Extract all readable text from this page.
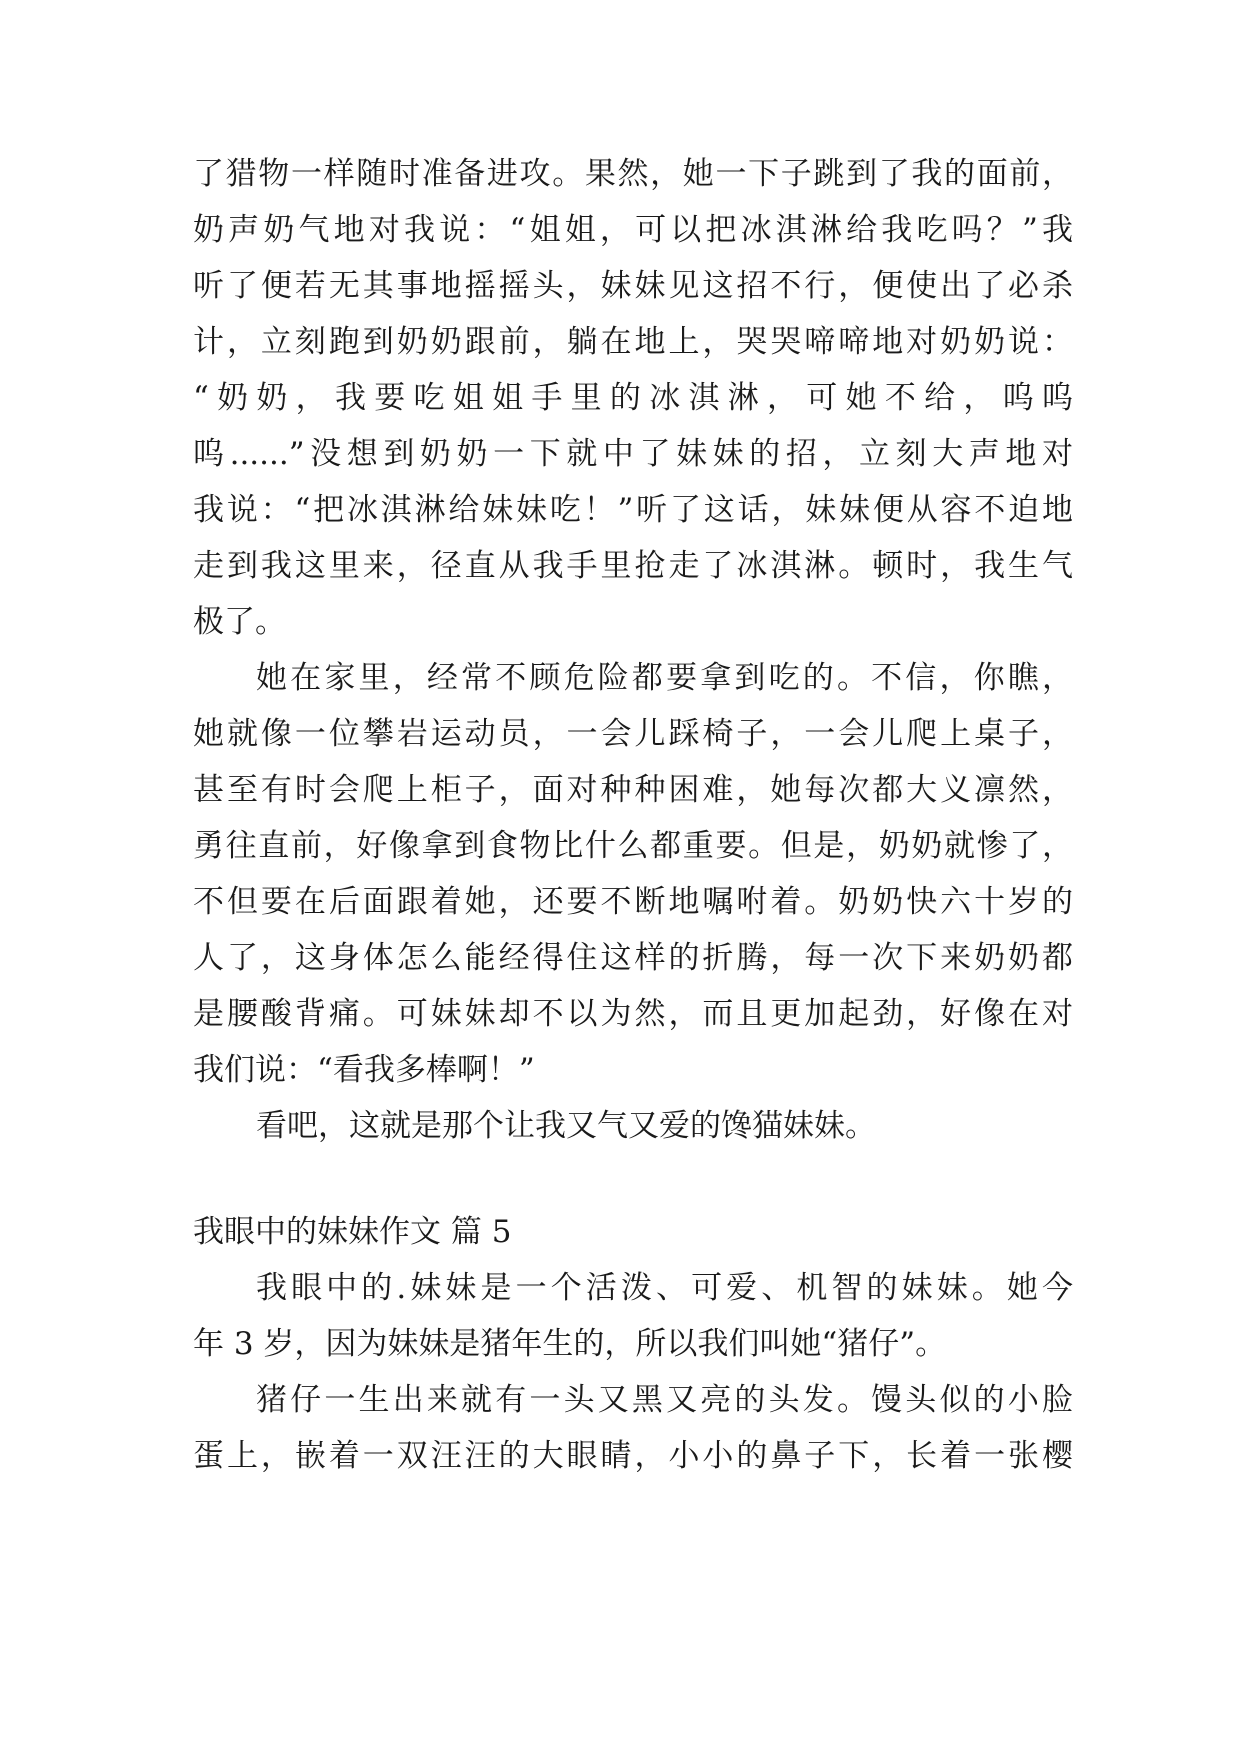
了猎物一样随时准备进攻。果然，她一下子跳到了我的面前，
奶声奶气地对我说：“姐姐，可以把冰淇淋给我吃吗？”我
听了便若无其事地摇摇头，妹妹见这招不行，便使出了必杀
计，立刻跑到奶奶跟前，躺在地上，哭哭啼啼地对奶奶说：
“奶奶，我要吃姐姐手里的冰淇淋，可她不给，呜呜
呜......”没想到奶奶一下就中了妹妹的招，立刻大声地对
我说：“把冰淇淋给妹妹吃！”听了这话，妹妹便从容不迫地
走到我这里来，径直从我手里抢走了冰淇淋。顿时，我生气
极了。
她在家里，经常不顾危险都要拿到吃的。不信，你瞧，
她就像一位攀岩运动员，一会儿踩椅子，一会儿爬上桌子，
甚至有时会爬上柜子，面对种种困难，她每次都大义凛然，
勇往直前，好像拿到食物比什么都重要。但是，奶奶就惨了，
不但要在后面跟着她，还要不断地嘱咐着。奶奶快六十岁的
人了，这身体怎么能经得住这样的折腾，每一次下来奶奶都
是腰酸背痛。可妹妹却不以为然，而且更加起劲，好像在对
我们说：“看我多棒啊！”
看吧，这就是那个让我又气又爱的馋猫妹妹。
我眼中的妹妹作文 篇 5
我眼中的.妹妹是一个活泼、可爱、机智的妹妹。她今
年 3 岁，因为妹妹是猪年生的，所以我们叫她“猪仔”。
猪仔一生出来就有一头又黑又亮的头发。馒头似的小脸
蛋上，嵌着一双汪汪的大眼睛，小小的鼻子下，长着一张樱
